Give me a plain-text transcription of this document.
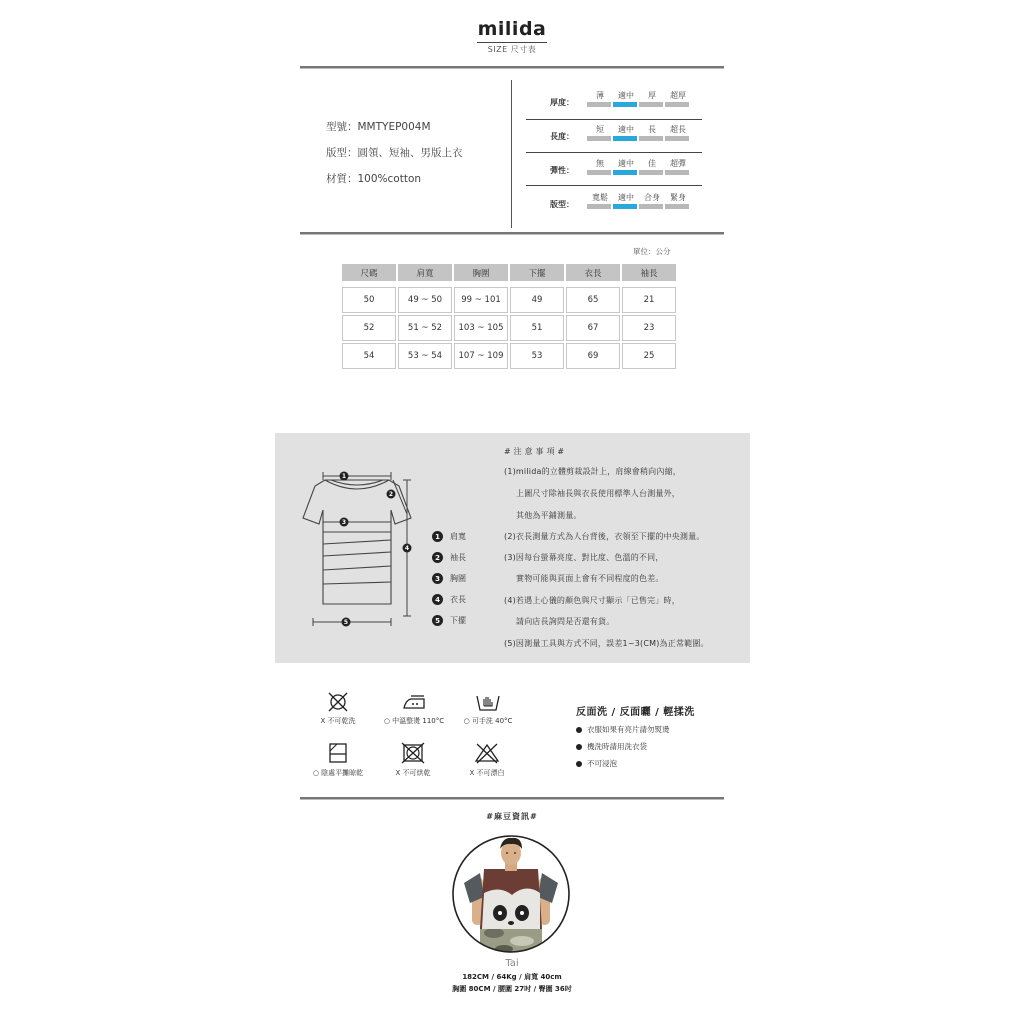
milida
SIZE 尺寸表
型號：MMTYEP004M
版型：圓領、短袖、男版上衣
材質：100%cotton
厚度：
薄	適中	厚	超厚
長度：
短	適中	長	超長
彈性：
無	適中	佳	超彈
版型：
寬鬆	適中	合身	緊身
單位：公分
尺碼	肩寬	胸圍	下擺	衣長	袖長

50	49 ~ 50	99 ~ 101	49	65	21
52	51 ~ 52	103 ~ 105	51	67	23
54	53 ~ 54	107 ~ 109	53	69	25
1
2
3
4
5
1	肩寬
2	袖長
3	胸圍
4	衣長
5	下擺
# 注 意 事 項 #
(1)milida的立體剪裁設計上，肩線會稍向內縮，
上圖尺寸除袖長與衣長使用標準人台測量外，
其他為平鋪測量。
(2)衣長測量方式為人台背後，衣領至下擺的中央測量。
(3)因每台螢幕亮度、對比度、色溫的不同，
實物可能與頁面上會有不同程度的色差。
(4)若遇上心儀的顏色與尺寸顯示「已售完」時，
請向店長詢問是否還有貨。
(5)因測量工具與方式不同，誤差1~3(CM)為正常範圍。
X 不可乾洗	○ 中溫整燙 110°C	○ 可手洗 40°C
○ 陰處平攤晾乾	X 不可烘乾	X 不可漂白
反面洗 / 反面曬 / 輕揉洗
衣服如果有亮片請勿熨燙
機洗時請用洗衣袋
不可浸泡
#麻豆資訊#
Tai
182CM / 64Kg / 肩寬 40cm
胸圍 80CM / 腰圍 27吋 / 臀圍 36吋
